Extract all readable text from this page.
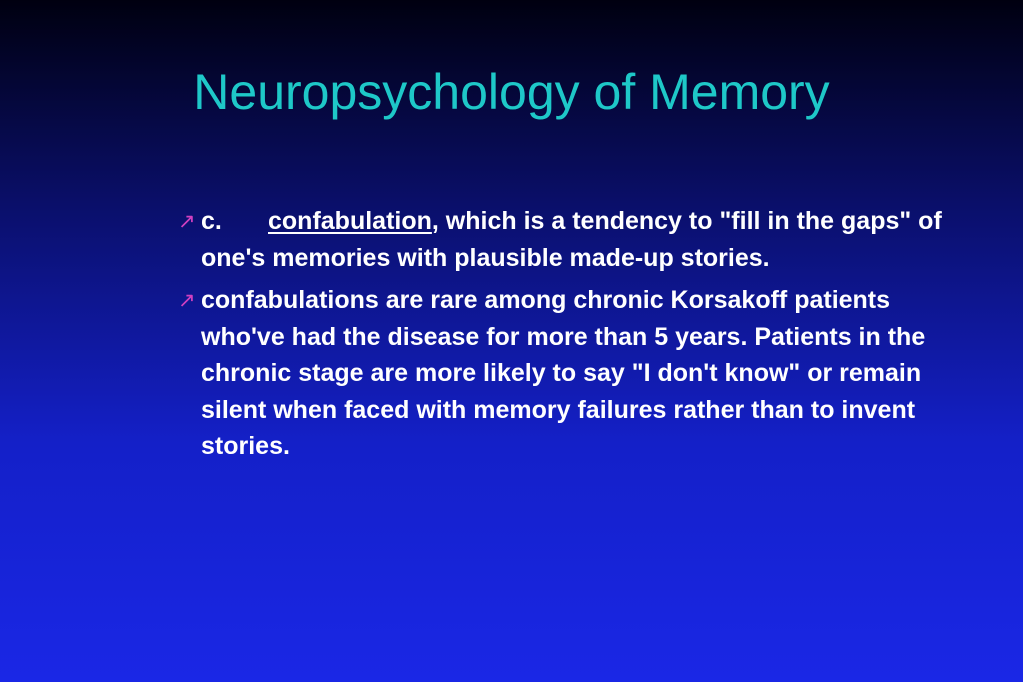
Neuropsychology of Memory
↗ c. confabulation, which is a tendency to "fill in the gaps" of one's memories with plausible made-up stories.
↗ confabulations are rare among chronic Korsakoff patients who've had the disease for more than 5 years. Patients in the chronic stage are more likely to say "I don't know" or remain silent when faced with memory failures rather than to invent stories.
